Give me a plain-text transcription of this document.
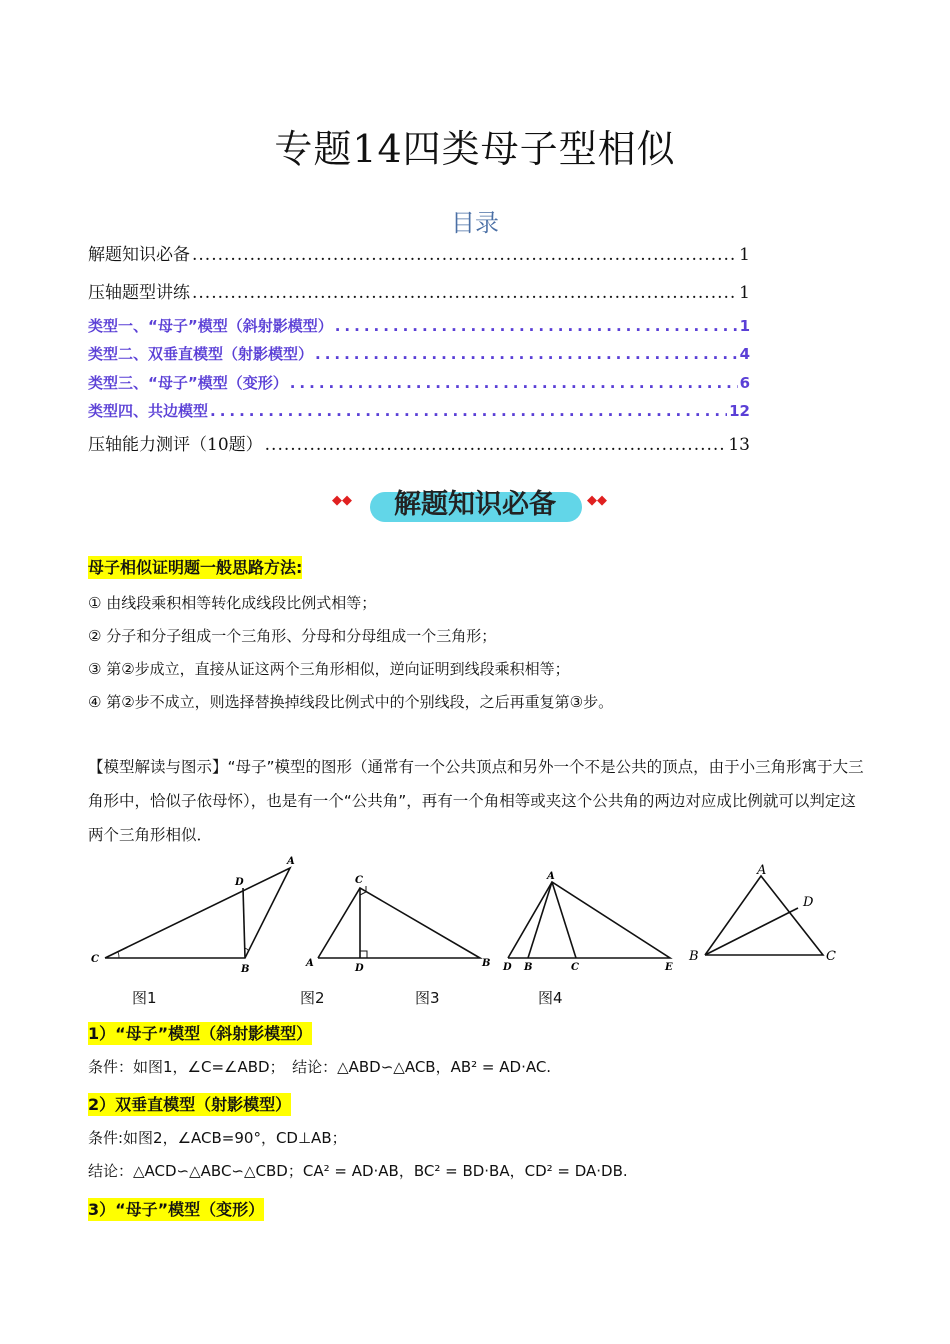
专题14四类母子型相似
目录
解题知识必备 .....	1
压轴题型讲练 .....	1
类型一、“母子”模型（斜射影模型） .....	1
类型二、双垂直模型（射影模型） .....	4
类型三、“母子”模型（变形） .....	6
类型四、共边模型 .....	12
压轴能力测评（10题） .....	13
◆◆	解题知识必备	◆◆
母子相似证明题一般思路方法:
① 由线段乘积相等转化成线段比例式相等；
② 分子和分子组成一个三角形、分母和分母组成一个三角形；
③ 第②步成立，直接从证这两个三角形相似，逆向证明到线段乘积相等；
④ 第②步不成立，则选择替换掉线段比例式中的个别线段，之后再重复第③步。
【模型解读与图示】“母子”模型的图形（通常有一个公共顶点和另外一个不是公共的顶点，由于小三角形寓于大三角形中，恰似子依母怀），也是有一个“公共角”，再有一个角相等或夹这个公共角的两边对应成比例就可以判定这两个三角形相似．
A
D
C
B
C
A	D	B
A
D B	C	E
A
D
B	C
图1	图2	图3	图4
1）“母子”模型（斜射影模型）
条件：如图1，∠C=∠ABD；　结论：△ABD∽△ACB，AB² = AD·AC.
2）双垂直模型（射影模型）
条件:如图2，∠ACB=90°，CD⊥AB；
结论：△ACD∽△ABC∽△CBD；CA² = AD·AB，BC² = BD·BA，CD² = DA·DB.
3）“母子”模型（变形）
